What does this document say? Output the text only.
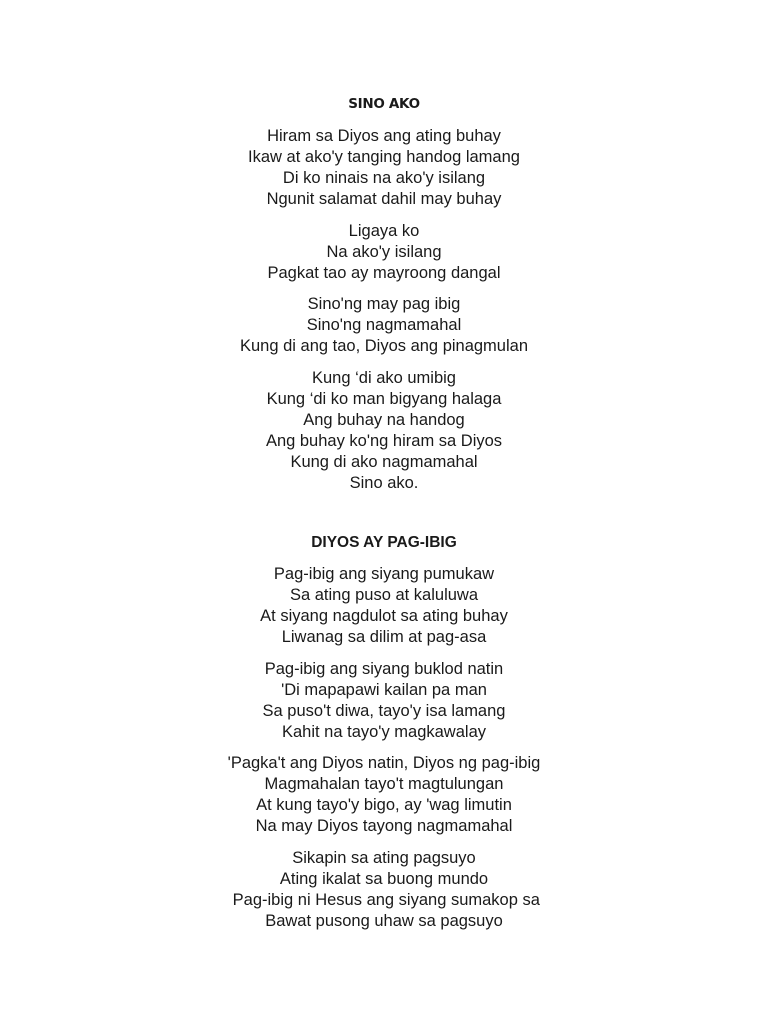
SINO AKO
Hiram sa Diyos ang ating buhay
Ikaw at ako'y tanging handog lamang
Di ko ninais na ako'y isilang
Ngunit salamat dahil may buhay
Ligaya ko
Na ako'y isilang
Pagkat tao ay mayroong dangal
Sino'ng may pag ibig
Sino'ng nagmamahal
Kung di ang tao, Diyos ang pinagmulan
Kung ‘di ako umibig
Kung ‘di ko man bigyang halaga
Ang buhay na handog
Ang buhay ko'ng hiram sa Diyos
Kung di ako nagmamahal
Sino ako.
DIYOS AY PAG-IBIG
Pag-ibig ang siyang pumukaw
Sa ating puso at kaluluwa
At siyang nagdulot sa ating buhay
Liwanag sa dilim at pag-asa
Pag-ibig ang siyang buklod natin
'Di mapapawi kailan pa man
Sa puso't diwa, tayo'y isa lamang
Kahit na tayo'y magkawalay
'Pagka't ang Diyos natin, Diyos ng pag-ibig
Magmahalan tayo't magtulungan
At kung tayo'y bigo, ay 'wag limutin
Na may Diyos tayong nagmamahal
Sikapin sa ating pagsuyo
Ating ikalat sa buong mundo
Pag-ibig ni Hesus ang siyang sumakop sa
Bawat pusong uhaw sa pagsuyo
